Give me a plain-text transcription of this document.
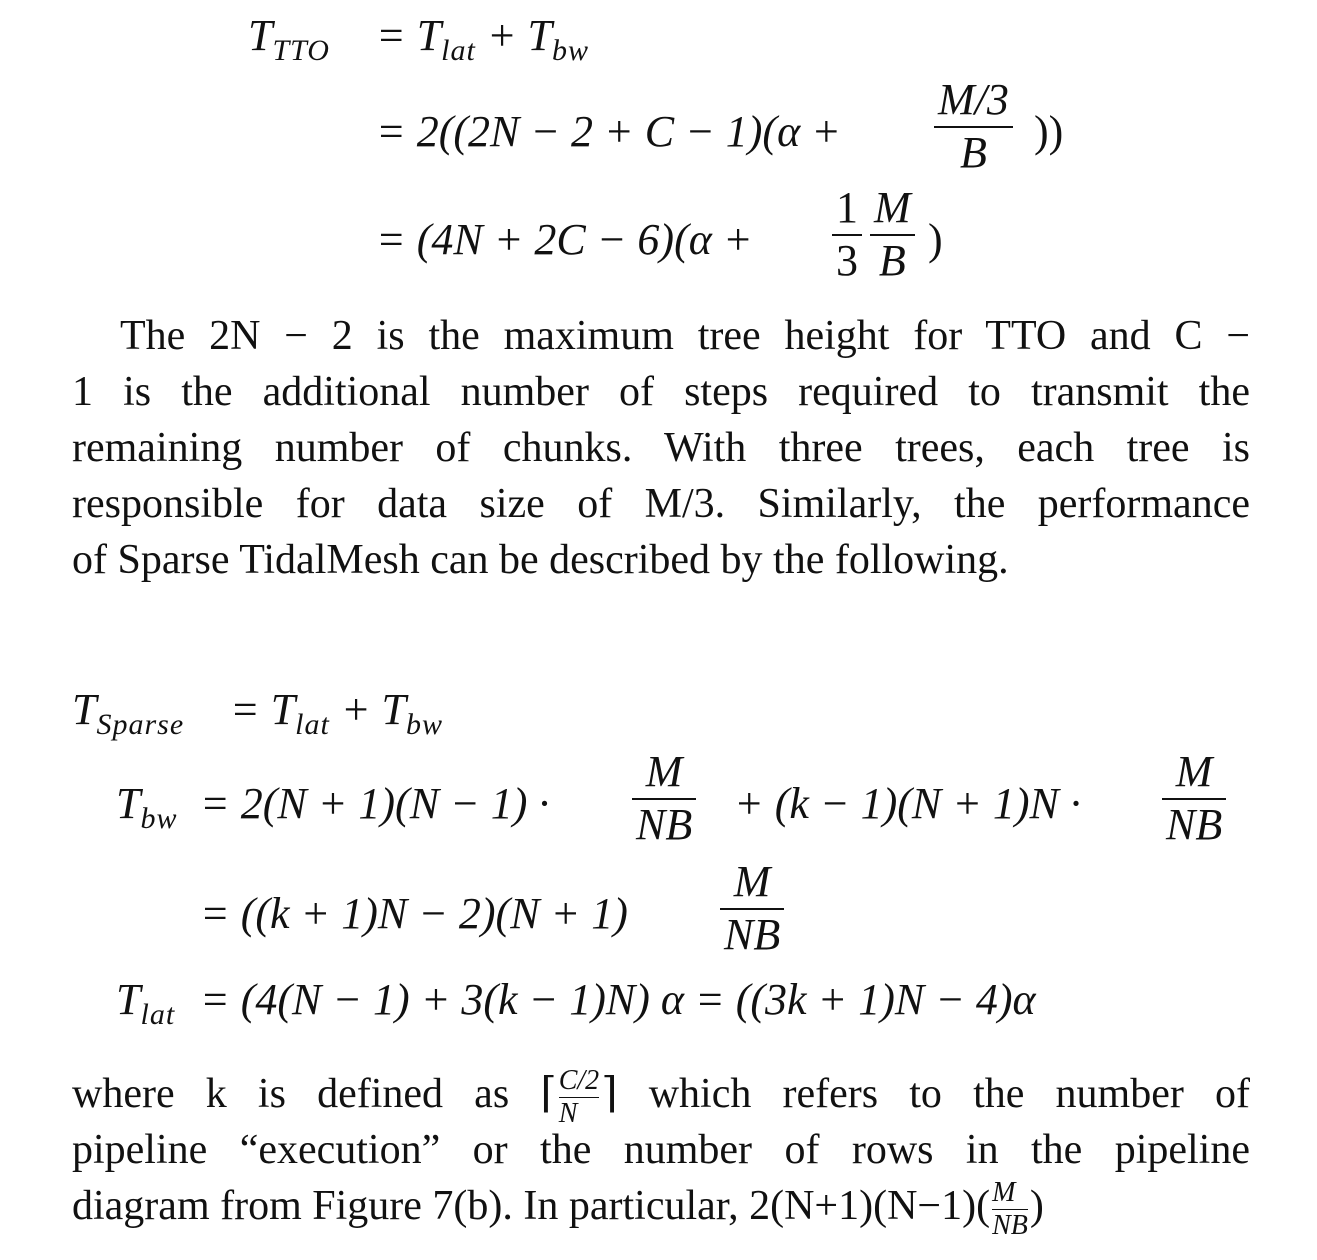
$T_{TTO} = T_{lat} + T_{bw}$
= 2((2N − 2 + C − 1)(α +
M/3
B	))
= (4N + 2C − 6)(α +
1
3
M
B )
The 2N − 2 is the maximum tree height for TTO and C −
1 is the additional number of steps required to transmit the
remaining number of chunks. With three trees, each tree is
responsible for data size of M/3. Similarly, the performance
of Sparse TidalMesh can be described by the following.
$T_{Sparse} = T_{lat} + T_{bw}$
$T_{bw} = 2(N + 1)(N - 1)$ ·
M
NB + (k − 1)(N + 1)N ·
M
NB
= ((k + 1)N − 2)(N + 1)
M
NB
$T_{lat} = (4(N - 1) + 3(k - 1)N) \alpha = ((3k + 1)N - 4)\alpha$
where k is defined as $⌈\frac{C/2}{N}⌉$ which refers to the number of
pipeline “execution” or the number of rows in the pipeline
diagram from Figure 7(b). In particular, $2(N+1)(N-1)(\frac{M}{NB})$
